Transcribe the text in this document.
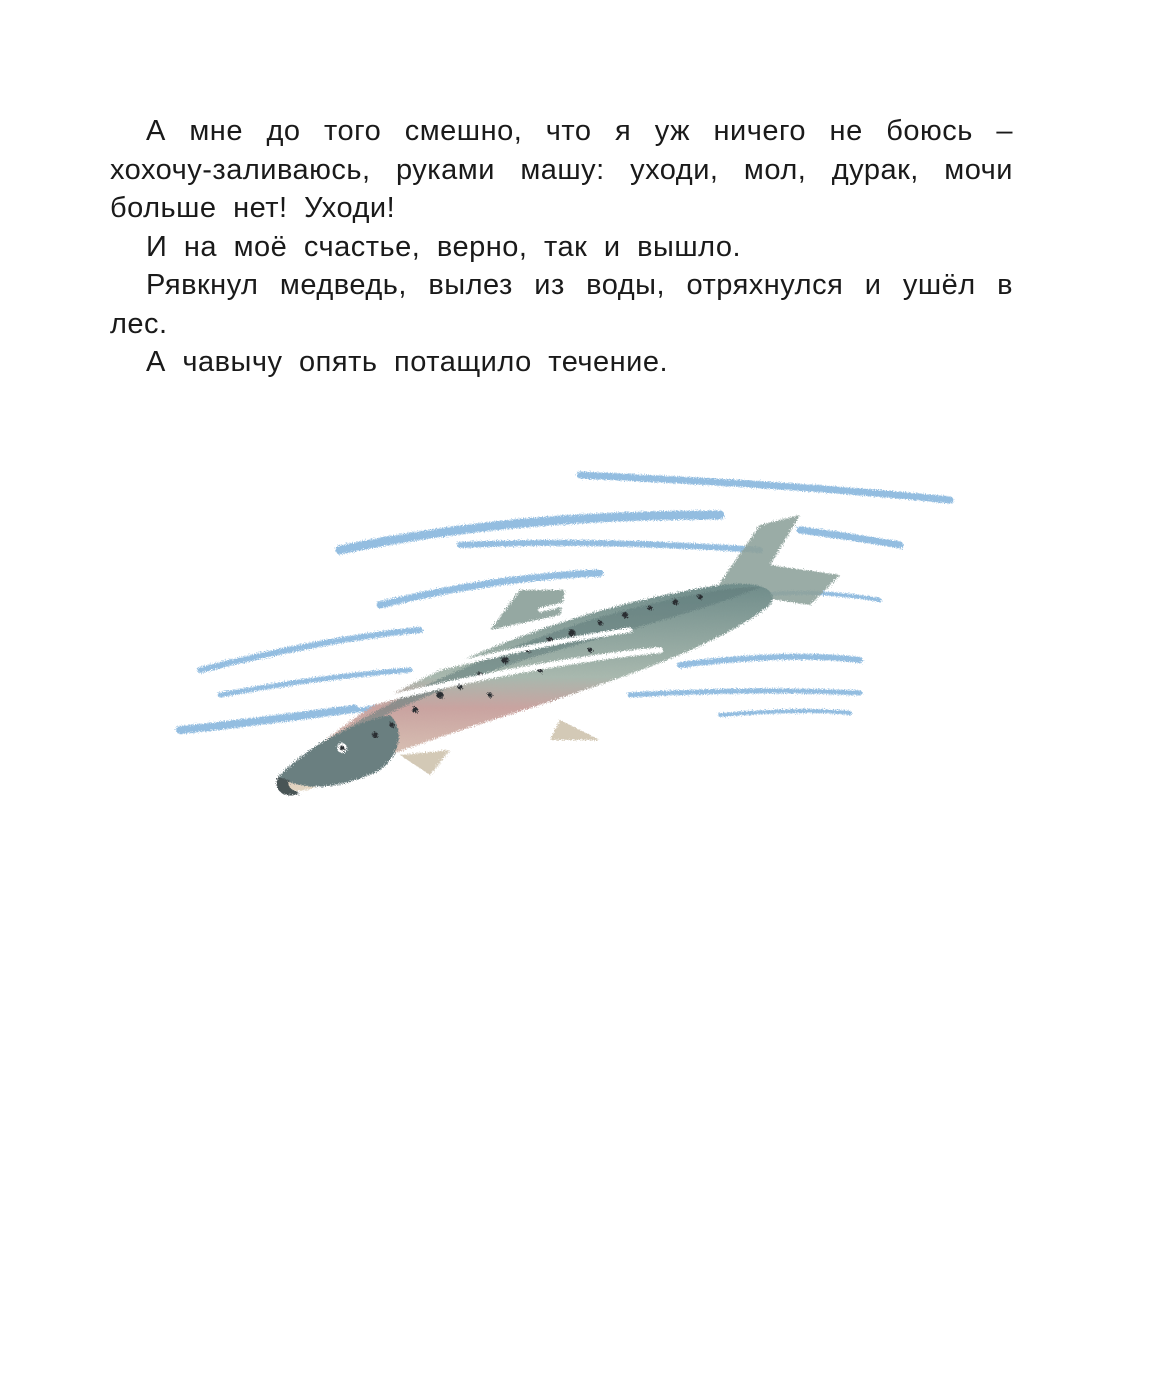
А мне до того смешно, что я уж ничего не боюсь – хохочу-заливаюсь, руками машу: уходи, мол, дурак, мочи больше нет! Уходи!

И на моё счастье, верно, так и вышло.

Рявкнул медведь, вылез из воды, отряхнулся и ушёл в лес.

А чавычу опять потащило течение.
